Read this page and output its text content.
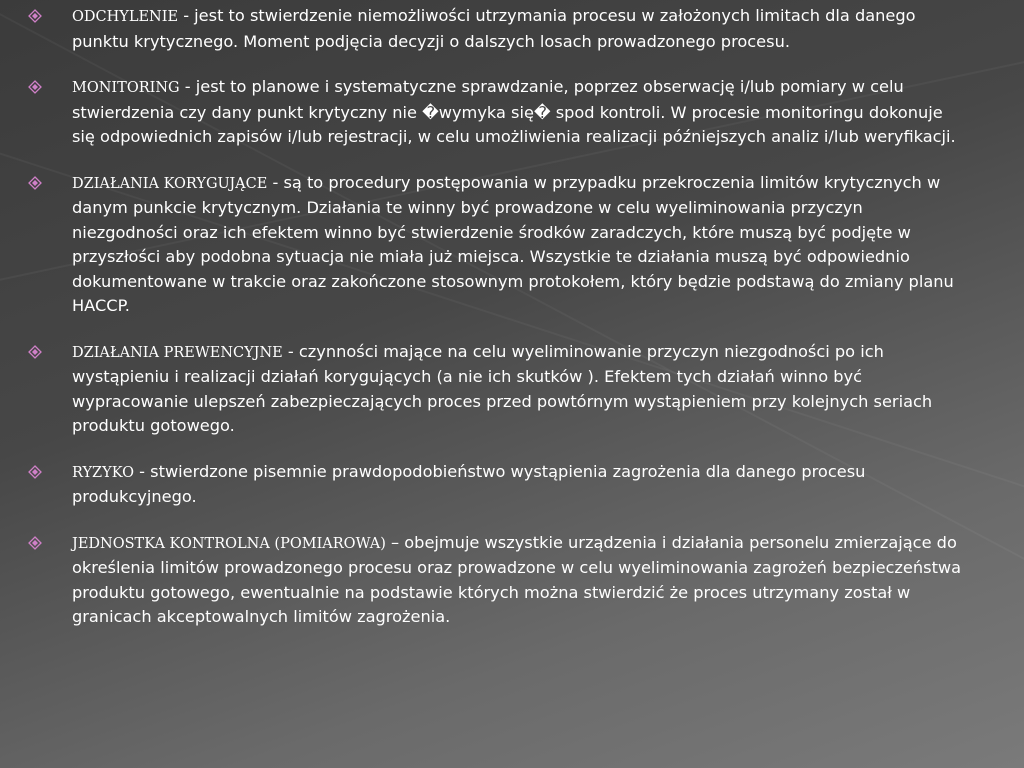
ODCHYLENIE - jest to stwierdzenie niemożliwości utrzymania procesu w założonych limitach dla danego punktu krytycznego. Moment podjęcia decyzji o dalszych losach prowadzonego procesu.
MONITORING - jest to planowe i systematyczne sprawdzanie, poprzez obserwację i/lub pomiary w celu stwierdzenia czy dany punkt krytyczny nie �wymyka się� spod kontroli. W procesie monitoringu dokonuje się odpowiednich zapisów i/lub rejestracji, w celu umożliwienia realizacji późniejszych analiz i/lub weryfikacji.
DZIAŁANIA KORYGUJĄCE - są to procedury postępowania w przypadku przekroczenia limitów krytycznych w danym punkcie krytycznym. Działania te winny być prowadzone w celu wyeliminowania przyczyn niezgodności oraz ich efektem winno być stwierdzenie środków zaradczych, które muszą być podjęte w przyszłości aby podobna sytuacja nie miała już miejsca. Wszystkie te działania muszą być odpowiednio dokumentowane w trakcie oraz zakończone stosownym protokołem, który będzie podstawą do zmiany planu HACCP.
DZIAŁANIA PREWENCYJNE - czynności mające na celu wyeliminowanie przyczyn niezgodności po ich wystąpieniu i realizacji działań korygujących (a nie ich skutków ). Efektem tych działań winno być wypracowanie ulepszeń zabezpieczających proces przed powtórnym wystąpieniem przy kolejnych seriach produktu gotowego.
RYZYKO - stwierdzone pisemnie prawdopodobieństwo wystąpienia zagrożenia dla danego procesu produkcyjnego.
JEDNOSTKA KONTROLNA (POMIAROWA) – obejmuje wszystkie urządzenia i działania personelu zmierzające do określenia limitów prowadzonego procesu oraz prowadzone w celu wyeliminowania zagrożeń bezpieczeństwa produktu gotowego, ewentualnie na podstawie których można stwierdzić że proces utrzymany został w granicach akceptowalnych limitów zagrożenia.
